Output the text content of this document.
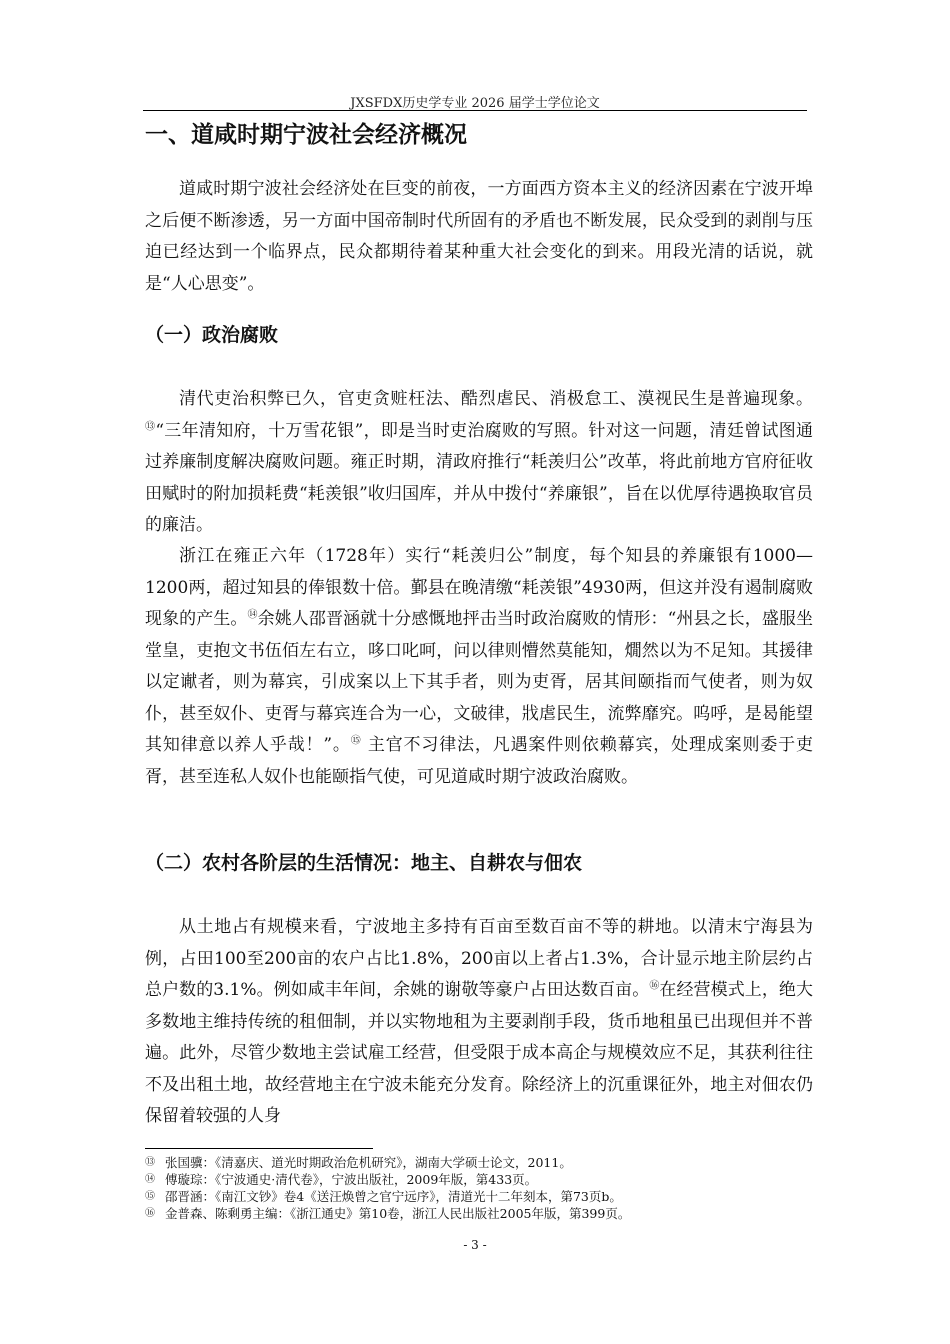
JXSFDX历史学专业 2026 届学士学位论文
一、道咸时期宁波社会经济概况

道咸时期宁波社会经济处在巨变的前夜，一方面西方资本主义的经济因素在宁波开埠之后便不断渗透，另一方面中国帝制时代所固有的矛盾也不断发展，民众受到的剥削与压迫已经达到一个临界点，民众都期待着某种重大社会变化的到来。用段光清的话说，就是“人心思变”。

（一）政治腐败

清代吏治积弊已久，官吏贪赃枉法、酷烈虐民、消极怠工、漠视民生是普遍现象。⑬“三年清知府，十万雪花银”，即是当时吏治腐败的写照。针对这一问题，清廷曾试图通过养廉制度解决腐败问题。雍正时期，清政府推行“耗羡归公”改革，将此前地方官府征收田赋时的附加损耗费“耗羡银”收归国库，并从中拨付“养廉银”，旨在以优厚待遇换取官员的廉洁。

浙江在雍正六年（1728年）实行“耗羡归公”制度，每个知县的养廉银有1000—1200两，超过知县的俸银数十倍。鄞县在晚清缴“耗羡银”4930两，但这并没有遏制腐败现象的产生。⑭余姚人邵晋涵就十分感慨地抨击当时政治腐败的情形：“州县之长，盛服坐堂皇，吏抱文书伍佰左右立，哆口叱呵，问以律则懵然莫能知，燗然以为不足知。其援律以定谳者，则为幕宾，引成案以上下其手者，则为吏胥，居其间颐指而气使者，则为奴仆，甚至奴仆、吏胥与幕宾连合为一心，文破律，戕虐民生，流弊靡究。呜呼，是曷能望其知律意以养人乎哉！”。⑮ 主官不习律法，凡遇案件则依赖幕宾，处理成案则委于吏胥，甚至连私人奴仆也能颐指气使，可见道咸时期宁波政治腐败。

（二）农村各阶层的生活情况：地主、自耕农与佃农

从土地占有规模来看，宁波地主多持有百亩至数百亩不等的耕地。以清末宁海县为例，占田100至200亩的农户占比1.8%，200亩以上者占1.3%，合计显示地主阶层约占总户数的3.1%。例如咸丰年间，余姚的谢敬等豪户占田达数百亩。⑯在经营模式上，绝大多数地主维持传统的租佃制，并以实物地租为主要剥削手段，货币地租虽已出现但并不普遍。此外，尽管少数地主尝试雇工经营，但受限于成本高企与规模效应不足，其获利往往不及出租土地，故经营地主在宁波未能充分发育。除经济上的沉重课征外，地主对佃农仍保留着较强的人身

⑬ 张国骥：《清嘉庆、道光时期政治危机研究》，湖南大学硕士论文，2011。
⑭ 傅璇琮：《宁波通史·清代卷》，宁波出版社，2009年版，第433页。
⑮ 邵晋涵：《南江文钞》卷4《送汪焕曾之官宁远序》，清道光十二年刻本，第73页b。
⑯ 金普森、陈剩勇主编：《浙江通史》第10卷，浙江人民出版社2005年版，第399页。
- 3 -
